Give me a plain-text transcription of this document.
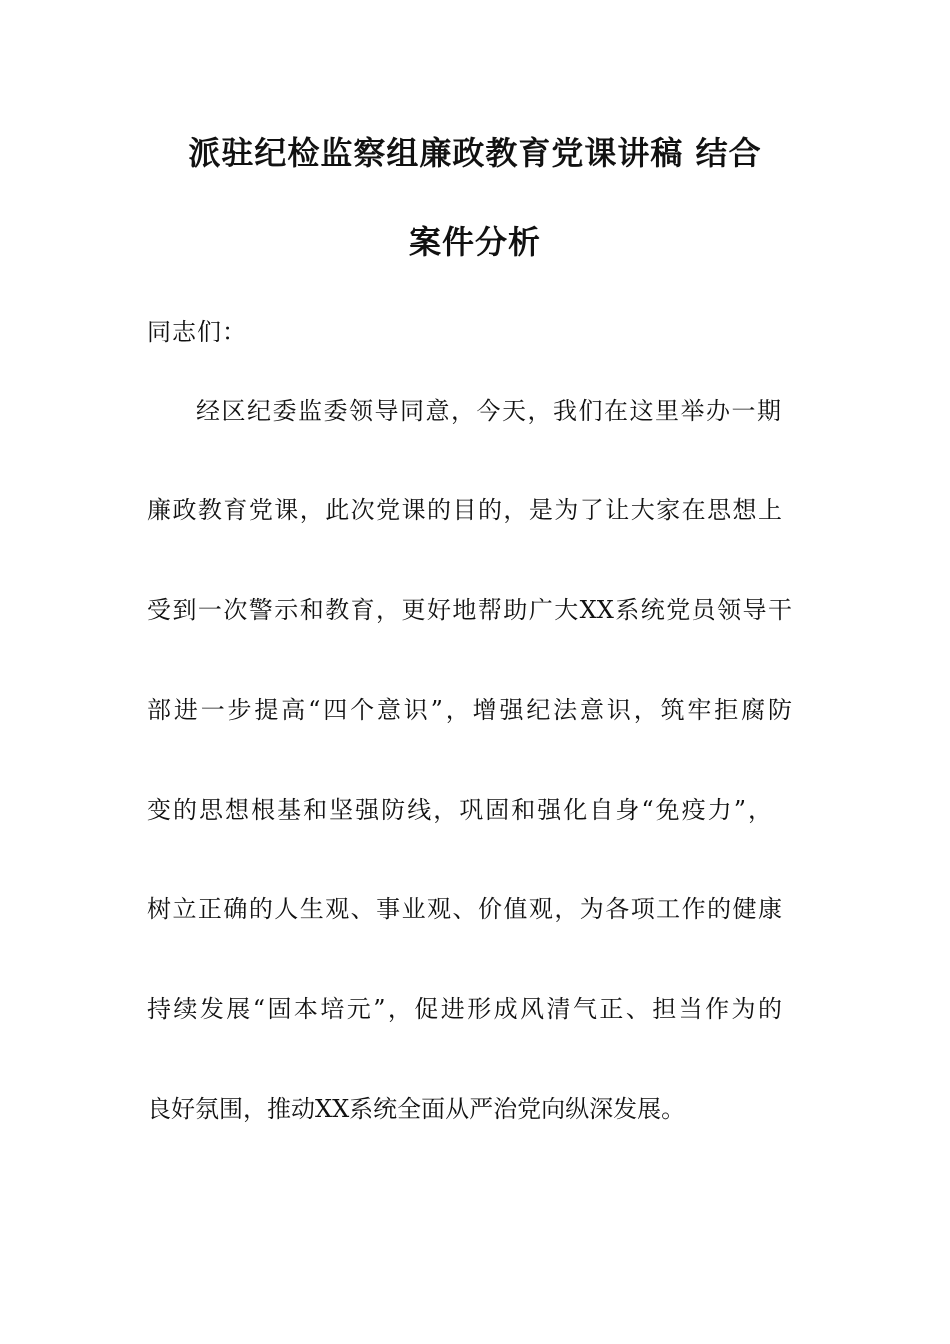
派驻纪检监察组廉政教育党课讲稿 结合
案件分析
同志们：
经区纪委监委领导同意，今天，我们在这里举办一期
廉政教育党课，此次党课的目的，是为了让大家在思想上
受到一次警示和教育，更好地帮助广大XX系统党员领导干
部进一步提高“四个意识”，增强纪法意识，筑牢拒腐防
变的思想根基和坚强防线，巩固和强化自身“免疫力”，
树立正确的人生观、事业观、价值观，为各项工作的健康
持续发展“固本培元”，促进形成风清气正、担当作为的
良好氛围，推动XX系统全面从严治党向纵深发展。
